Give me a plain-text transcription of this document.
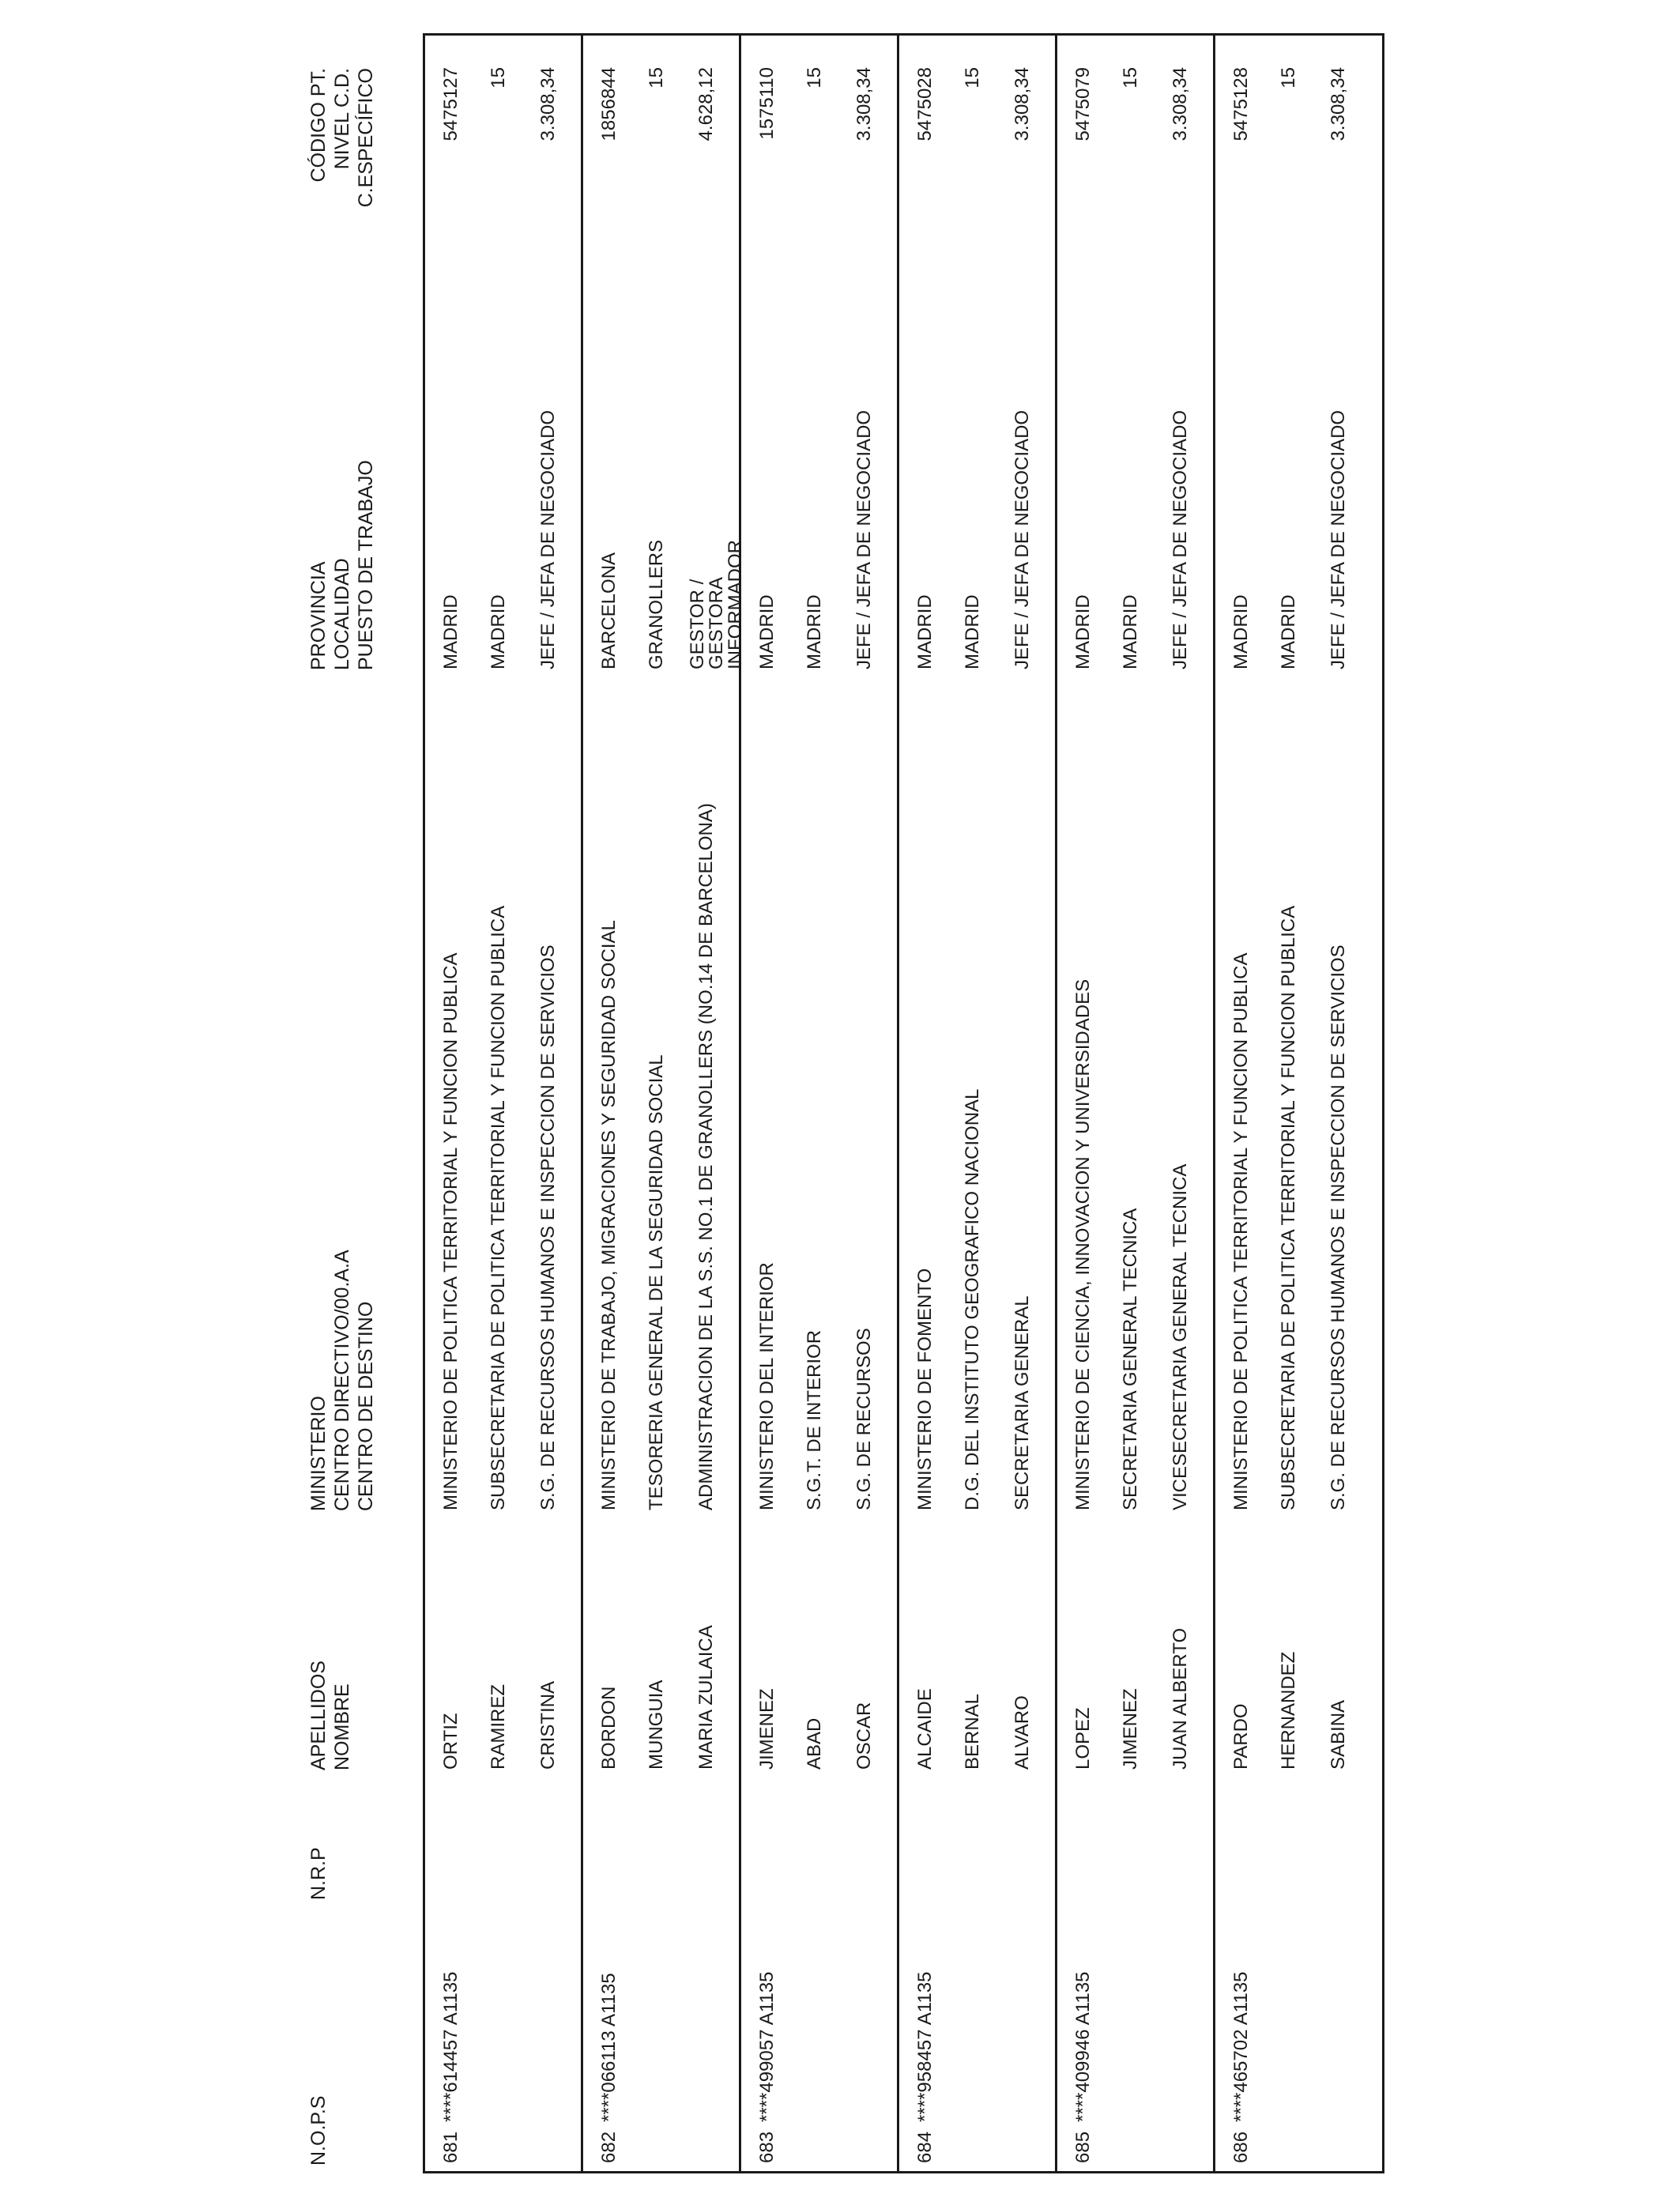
N.O.P.S
N.R.P
APELLIDOS NOMBRE
MINISTERIO CENTRO DIRECTIVO/00.A.A CENTRO DE DESTINO
PROVINCIA LOCALIDAD PUESTO DE TRABAJO
CÓDIGO PT. NIVEL C.D. C.ESPECÍFICO
681
****614457 A1135
ORTIZ RAMIREZ CRISTINA
MINISTERIO DE POLITICA TERRITORIAL Y FUNCION PUBLICA SUBSECRETARIA DE POLITICA TERRITORIAL Y FUNCION PUBLICA S.G. DE RECURSOS HUMANOS E INSPECCION DE SERVICIOS
MADRID MADRID JEFE / JEFA DE NEGOCIADO
5475127 15 3.308,34
682
****066113 A1135
BORDON MUNGUIA MARIA ZULAICA
MINISTERIO DE TRABAJO, MIGRACIONES Y SEGURIDAD SOCIAL TESORERIA GENERAL DE LA SEGURIDAD SOCIAL ADMINISTRACION DE LA S.S. NO.1 DE GRANOLLERS (NO.14 DE BARCELONA)
BARCELONA GRANOLLERS GESTOR / GESTORA INFORMADOR
1856844 15 4.628,12
683
****499057 A1135
JIMENEZ ABAD OSCAR
MINISTERIO DEL INTERIOR S.G.T. DE INTERIOR S.G. DE RECURSOS
MADRID MADRID JEFE / JEFA DE NEGOCIADO
1575110 15 3.308,34
684
****958457 A1135
ALCAIDE BERNAL ALVARO
MINISTERIO DE FOMENTO D.G. DEL INSTITUTO GEOGRAFICO NACIONAL SECRETARIA GENERAL
MADRID MADRID JEFE / JEFA DE NEGOCIADO
5475028 15 3.308,34
685
****409946 A1135
LOPEZ JIMENEZ JUAN ALBERTO
MINISTERIO DE CIENCIA, INNOVACION Y UNIVERSIDADES SECRETARIA GENERAL TECNICA VICESECRETARIA GENERAL TECNICA
MADRID MADRID JEFE / JEFA DE NEGOCIADO
5475079 15 3.308,34
686
****465702 A1135
PARDO HERNANDEZ SABINA
MINISTERIO DE POLITICA TERRITORIAL Y FUNCION PUBLICA SUBSECRETARIA DE POLITICA TERRITORIAL Y FUNCION PUBLICA S.G. DE RECURSOS HUMANOS E INSPECCION DE SERVICIOS
MADRID MADRID JEFE / JEFA DE NEGOCIADO
5475128 15 3.308,34
